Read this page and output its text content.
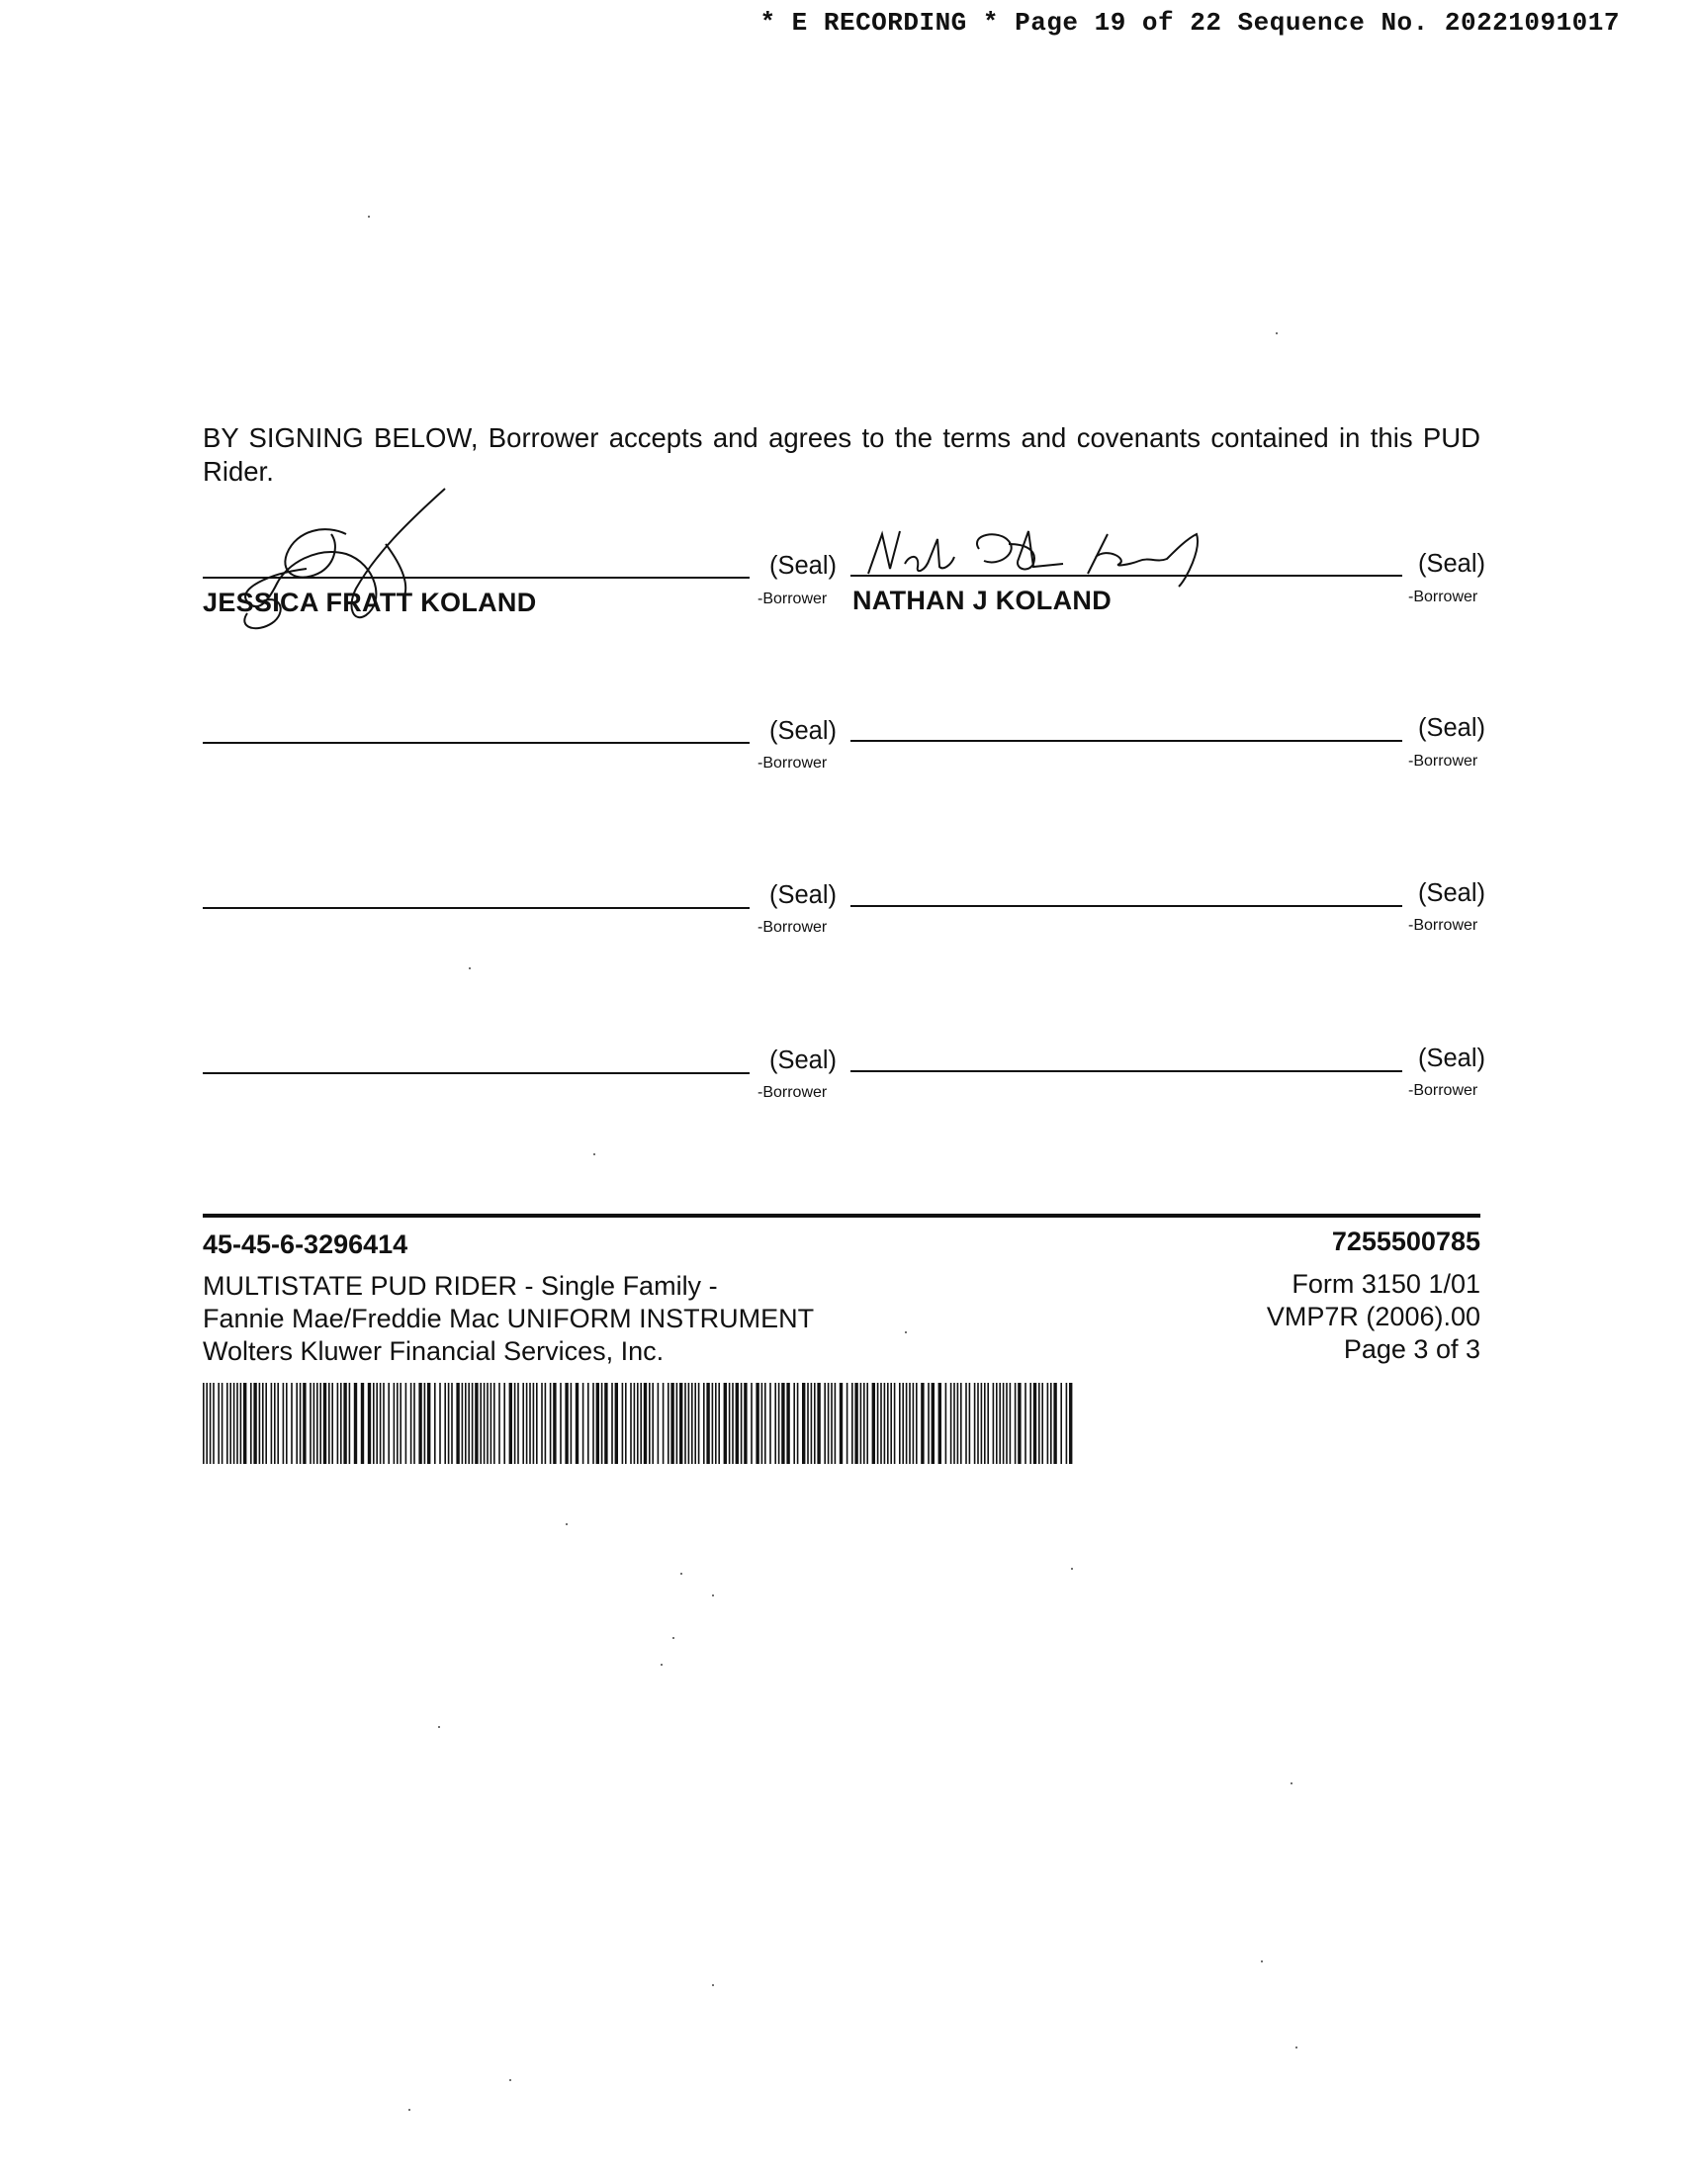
* E RECORDING * Page 19 of 22 Sequence No. 20221091017
BY SIGNING BELOW, Borrower accepts and agrees to the terms and covenants contained in this PUD Rider.
(Seal)
-Borrower
JESSICA FRATT KOLAND
(Seal)
-Borrower
NATHAN J KOLAND
(Seal)
-Borrower
(Seal)
-Borrower
(Seal)
-Borrower
(Seal)
-Borrower
(Seal)
-Borrower
(Seal)
-Borrower
45-45-6-3296414	7255500785
MULTISTATE PUD RIDER - Single Family -
Fannie Mae/Freddie Mac UNIFORM INSTRUMENT
Wolters Kluwer Financial Services, Inc.
Form 3150 1/01
VMP7R (2006).00
Page 3 of 3
